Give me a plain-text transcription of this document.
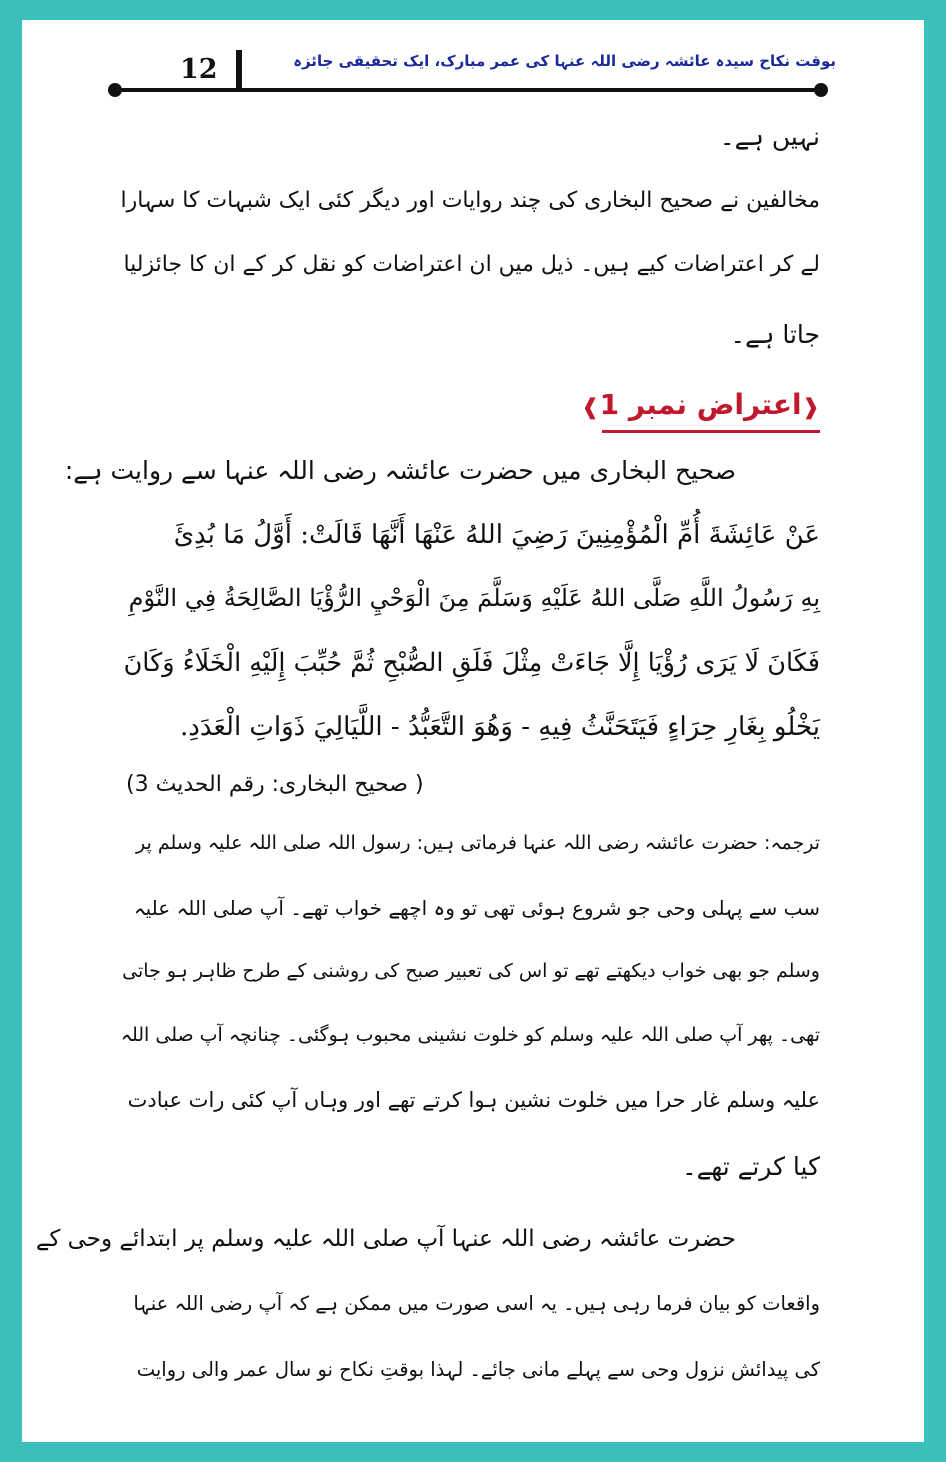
بوقت نکاح سیدہ عائشہ رضی اللہ عنہا کی عمر مبارک، ایک تحقیقی جائزہ
12
نہیں ہے۔
مخالفین نے صحیح البخاری کی چند روایات اور دیگر کئی ایک شبہات کا سہارا
لے کر اعتراضات کیے ہیں۔ ذیل میں ان اعتراضات کو نقل کر کے ان کا جائزلیا
جاتا ہے۔
❰اعتراض نمبر 1❱
صحیح البخاری میں حضرت عائشہ رضی اللہ عنہا سے روایت ہے:
عَنْ عَائِشَةَ أُمِّ الْمُؤْمِنِينَ رَضِيَ اللهُ عَنْهَا أَنَّهَا قَالَتْ: أَوَّلُ مَا بُدِئَ
بِهِ رَسُولُ اللَّهِ صَلَّى اللهُ عَلَيْهِ وَسَلَّمَ مِنَ الْوَحْيِ الرُّؤْيَا الصَّالِحَةُ فِي النَّوْمِ
فَكَانَ لَا يَرَى رُؤْيَا إِلَّا جَاءَتْ مِثْلَ فَلَقِ الصُّبْحِ ثُمَّ حُبِّبَ إِلَيْهِ الْخَلَاءُ وَكَانَ
يَخْلُو بِغَارِ حِرَاءٍ فَيَتَحَنَّثُ فِيهِ - وَهُوَ التَّعَبُّدُ - اللَّيَالِيَ ذَوَاتِ الْعَدَدِ.
( صحیح البخاری: رقم الحدیث 3)
ترجمہ: حضرت عائشہ رضی اللہ عنہا فرماتی ہیں: رسول اللہ صلی اللہ علیہ وسلم پر
سب سے پہلی وحی جو شروع ہوئی تھی تو وہ اچھے خواب تھے۔ آپ صلی اللہ علیہ
وسلم جو بھی خواب دیکھتے تھے تو اس کی تعبیر صبح کی روشنی کے طرح ظاہر ہو جاتی
تھی۔ پھر آپ صلی اللہ علیہ وسلم کو خلوت نشینی محبوب ہوگئی۔ چنانچہ آپ صلی اللہ
علیہ وسلم غار حرا میں خلوت نشین ہوا کرتے تھے اور وہاں آپ کئی رات عبادت
کیا کرتے تھے۔
حضرت عائشہ رضی اللہ عنہا آپ صلی اللہ علیہ وسلم پر ابتدائے وحی کے
واقعات کو بیان فرما رہی ہیں۔ یہ اسی صورت میں ممکن ہے کہ آپ رضی اللہ عنہا
کی پیدائش نزول وحی سے پہلے مانی جائے۔ لہذا بوقتِ نکاح نو سال عمر والی روایت
